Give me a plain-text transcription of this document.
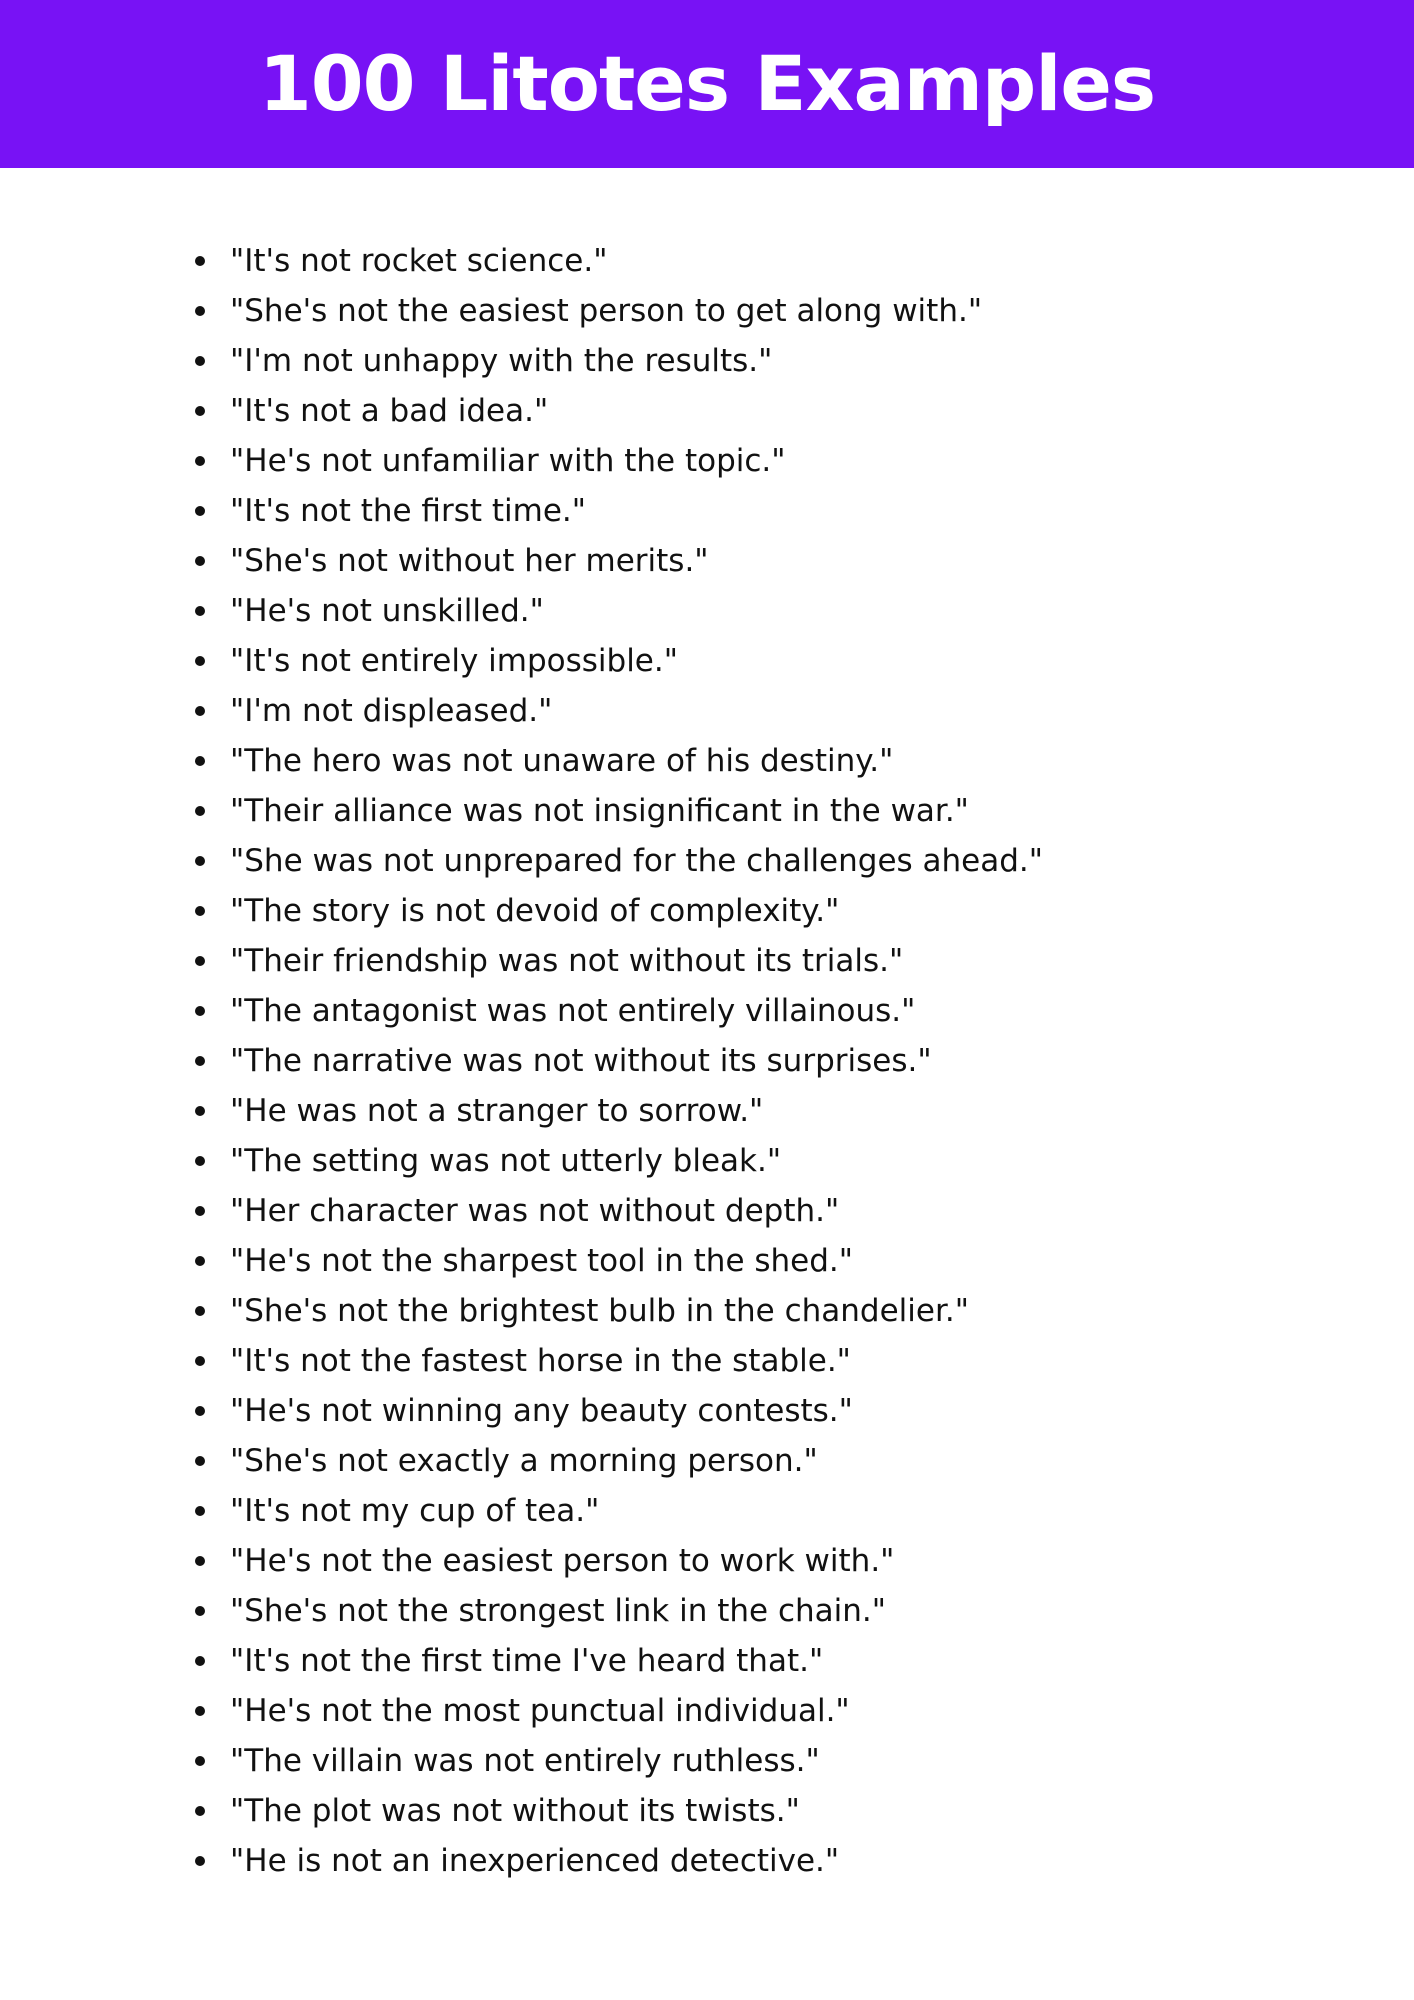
100 Litotes Examples
"It's not rocket science."
"She's not the easiest person to get along with."
"I'm not unhappy with the results."
"It's not a bad idea."
"He's not unfamiliar with the topic."
"It's not the first time."
"She's not without her merits."
"He's not unskilled."
"It's not entirely impossible."
"I'm not displeased."
"The hero was not unaware of his destiny."
"Their alliance was not insignificant in the war."
"She was not unprepared for the challenges ahead."
"The story is not devoid of complexity."
"Their friendship was not without its trials."
"The antagonist was not entirely villainous."
"The narrative was not without its surprises."
"He was not a stranger to sorrow."
"The setting was not utterly bleak."
"Her character was not without depth."
"He's not the sharpest tool in the shed."
"She's not the brightest bulb in the chandelier."
"It's not the fastest horse in the stable."
"He's not winning any beauty contests."
"She's not exactly a morning person."
"It's not my cup of tea."
"He's not the easiest person to work with."
"She's not the strongest link in the chain."
"It's not the first time I've heard that."
"He's not the most punctual individual."
"The villain was not entirely ruthless."
"The plot was not without its twists."
"He is not an inexperienced detective."
